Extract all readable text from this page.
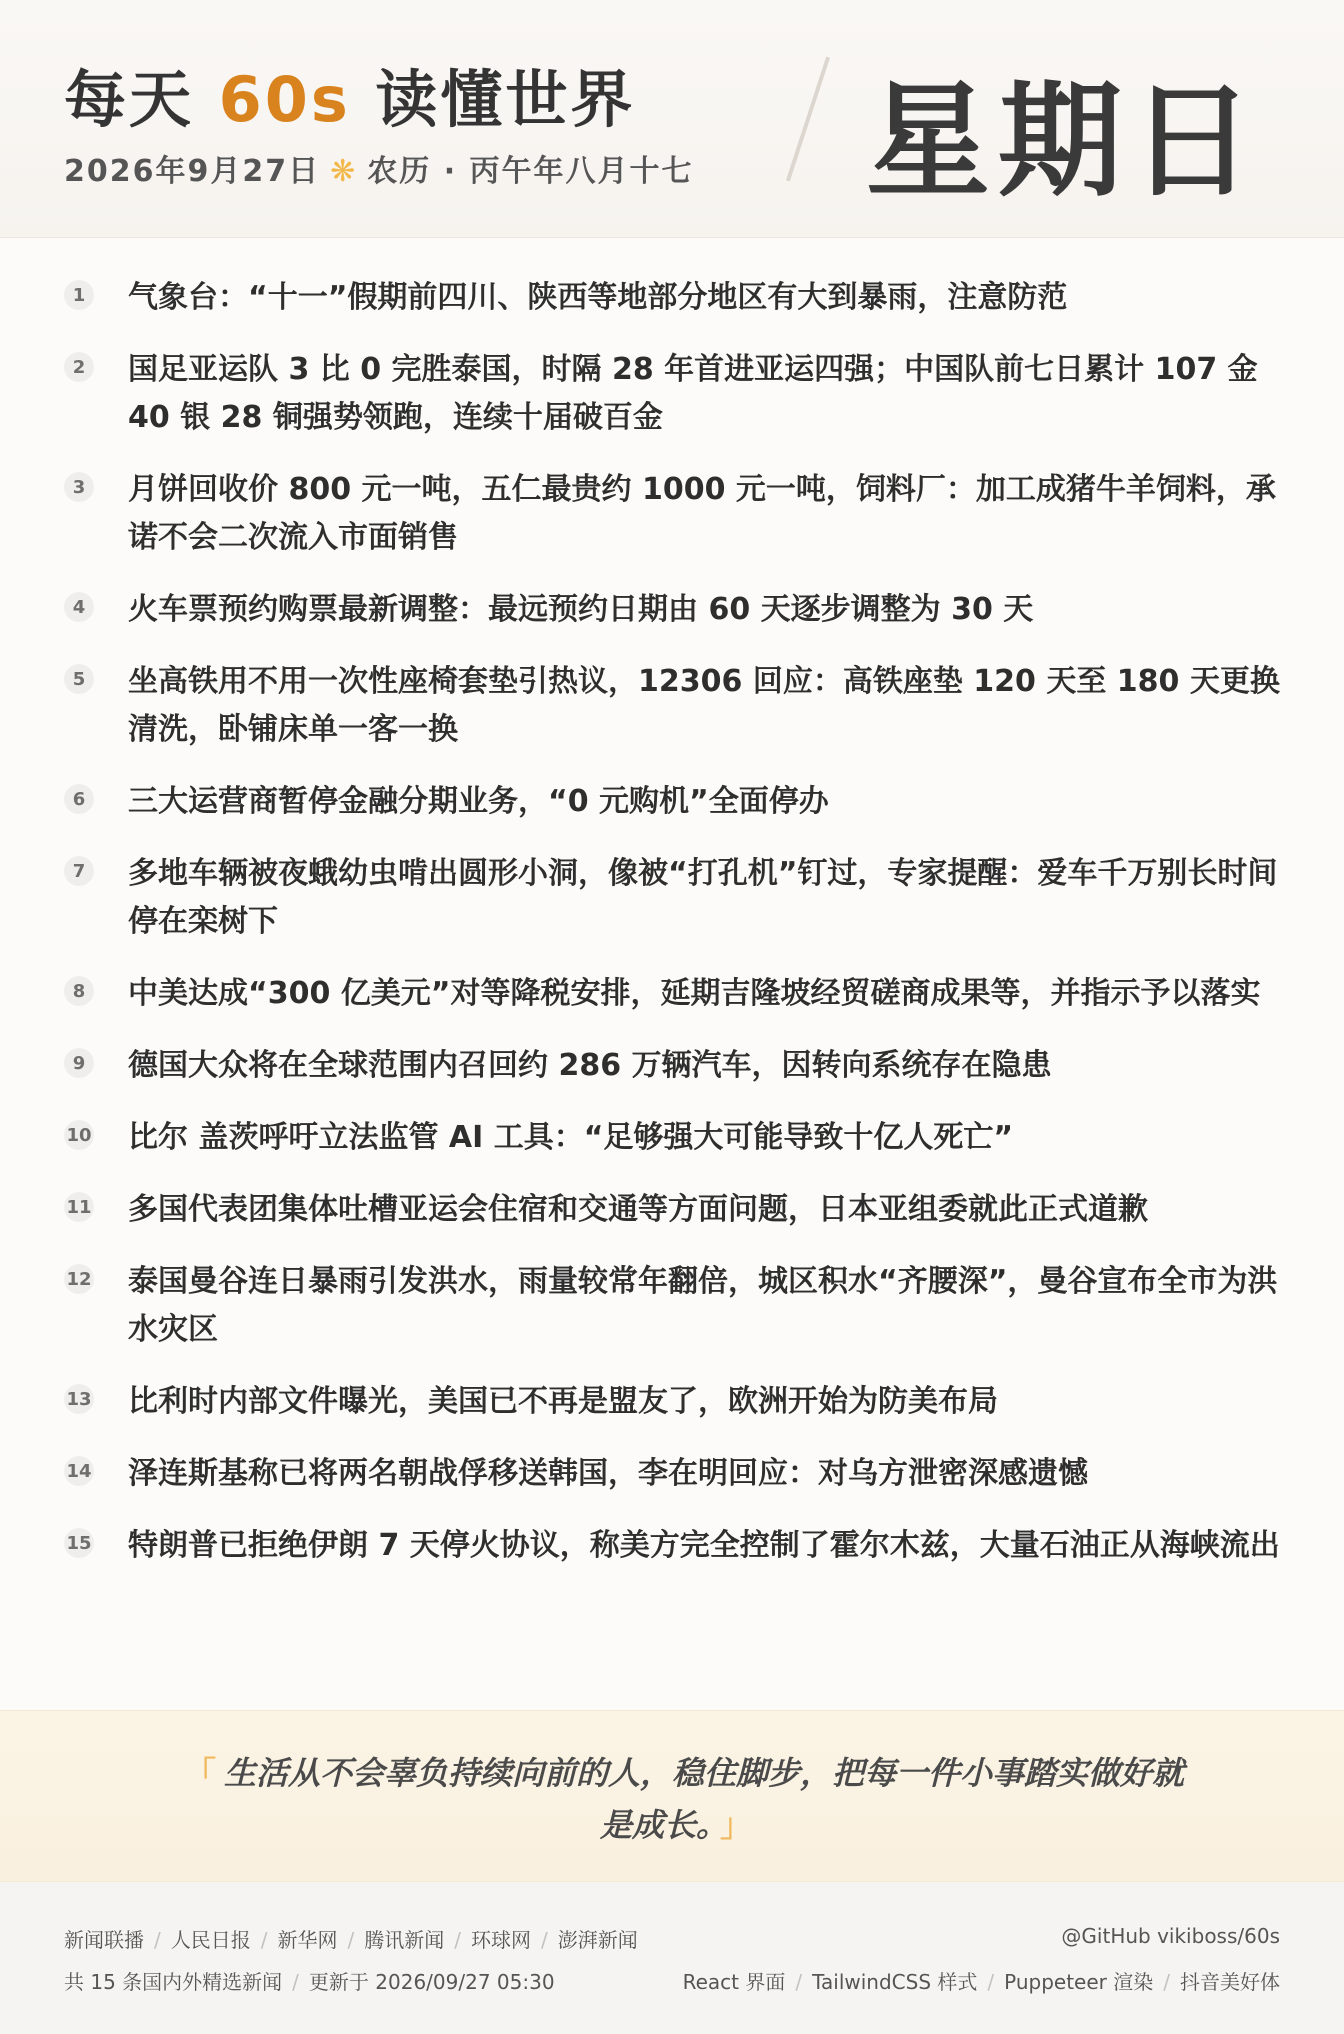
每天 60s 读懂世界
2026年9月27日 ❋ 农历 · 丙午年八月十七 星期日
1 气象台：“十一”假期前四川、陕西等地部分地区有大到暴雨，注意防范
2 国足亚运队 3 比 0 完胜泰国，时隔 28 年首进亚运四强；中国队前七日累计 107 金 40 银 28 铜强势领跑，连续十届破百金
3 月饼回收价 800 元一吨，五仁最贵约 1000 元一吨，饲料厂：加工成猪牛羊饲料，承诺不会二次流入市面销售
4 火车票预约购票最新调整：最远预约日期由 60 天逐步调整为 30 天
5 坐高铁用不用一次性座椅套垫引热议，12306 回应：高铁座垫 120 天至 180 天更换清洗，卧铺床单一客一换
6 三大运营商暂停金融分期业务，“0 元购机”全面停办
7 多地车辆被夜蛾幼虫啃出圆形小洞，像被“打孔机”钉过，专家提醒：爱车千万别长时间停在栾树下
8 中美达成“300 亿美元”对等降税安排，延期吉隆坡经贸磋商成果等，并指示予以落实
9 德国大众将在全球范围内召回约 286 万辆汽车，因转向系统存在隐患
10 比尔 盖茨呼吁立法监管 AI 工具：“足够强大可能导致十亿人死亡”
11 多国代表团集体吐槽亚运会住宿和交通等方面问题，日本亚组委就此正式道歉
12 泰国曼谷连日暴雨引发洪水，雨量较常年翻倍，城区积水“齐腰深”，曼谷宣布全市为洪水灾区
13 比利时内部文件曝光，美国已不再是盟友了，欧洲开始为防美布局
14 泽连斯基称已将两名朝战俘移送韩国，李在明回应：对乌方泄密深感遗憾
15 特朗普已拒绝伊朗 7 天停火协议，称美方完全控制了霍尔木兹，大量石油正从海峡流出
「 生活从不会辜负持续向前的人，稳住脚步，把每一件小事踏实做好就是成长。 」
新闻联播 / 人民日报 / 新华网 / 腾讯新闻 / 环球网 / 澎湃新闻
共 15 条国内外精选新闻 / 更新于 2026/09/27 05:30
@GitHub vikiboss/60s
React 界面 / TailwindCSS 样式 / Puppeteer 渲染 / 抖音美好体
